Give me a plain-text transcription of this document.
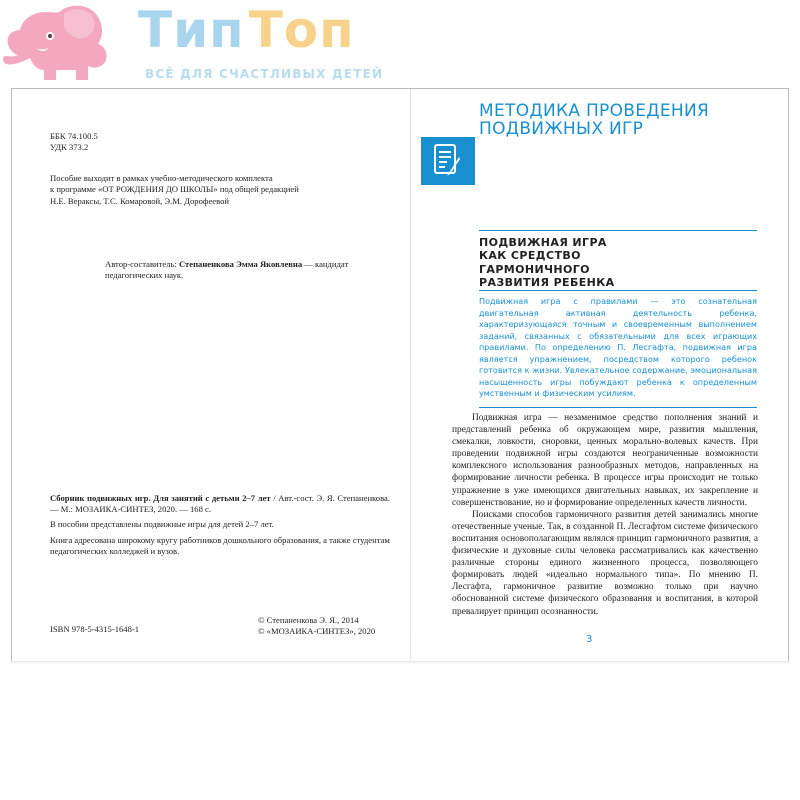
ТипТоп
ВСЁ ДЛЯ СЧАСТЛИВЫХ ДЕТЕЙ
ББК 74.100.5
УДК 373.2
Пособие выходит в рамках учебно-методического комплекта
к программе «ОТ РОЖДЕНИЯ ДО ШКОЛЫ» под общей редакцией
Н.Е. Вераксы, Т.С. Комаровой, Э.М. Дорофеевой
Автор-составитель: Степаненкова Эмма Яковлевна — кандидат педагогических наук.
Сборник подвижных игр. Для занятий с детьми 2–7 лет / Авт.-сост. Э. Я. Степаненкова. — М.: МОЗАИКА-СИНТЕЗ, 2020. — 168 с.
В пособии представлены подвижные игры для детей 2–7 лет.
Книга адресована широкому кругу работников дошкольного образования, а также студентам педагогических колледжей и вузов.
ISBN 978-5-4315-1648-1
© Степаненкова Э. Я., 2014
© «МОЗАИКА-СИНТЕЗ», 2020
МЕТОДИКА ПРОВЕДЕНИЯ
ПОДВИЖНЫХ ИГР
ПОДВИЖНАЯ ИГРА
КАК СРЕДСТВО
ГАРМОНИЧНОГО
РАЗВИТИЯ РЕБЕНКА
Подвижная игра с правилами — это сознательная двигательная активная деятельность ребенка, характеризующаяся точным и своевременным выполнением заданий, связанных с обязательными для всех играющих правилами. По определению П. Лесгафта, подвижная игра является упражнением, посредством которого ребенок готовится к жизни. Увлекательное содержание, эмоциональная насыщенность игры побуждают ребенка к определенным умственным и физическим усилиям.

Подвижная игра — незаменимое средство пополнения знаний и представлений ребенка об окружающем мире, развития мышления, смекалки, ловкости, сноровки, ценных морально-волевых качеств. При проведении подвижной игры создаются неограниченные возможности комплексного использования разнообразных методов, направленных на формирование личности ребенка. В процессе игры происходит не только упражнение в уже имеющихся двигательных навыках, их закрепление и совершенствование, но и формирование определенных качеств личности.

Поисками способов гармоничного развития детей занимались многие отечественные ученые. Так, в созданной П. Лесгафтом системе физического воспитания основополагающим являлся принцип гармоничного развития, а физические и духовные силы человека рассматривались как качественно различные стороны единого жизненного процесса, позволяющего формировать людей «идеально нормального типа». По мнению П. Лесгафта, гармоничное развитие возможно только при научно обоснованной системе физического образования и воспитания, в которой превалирует принцип осознанности.

3
